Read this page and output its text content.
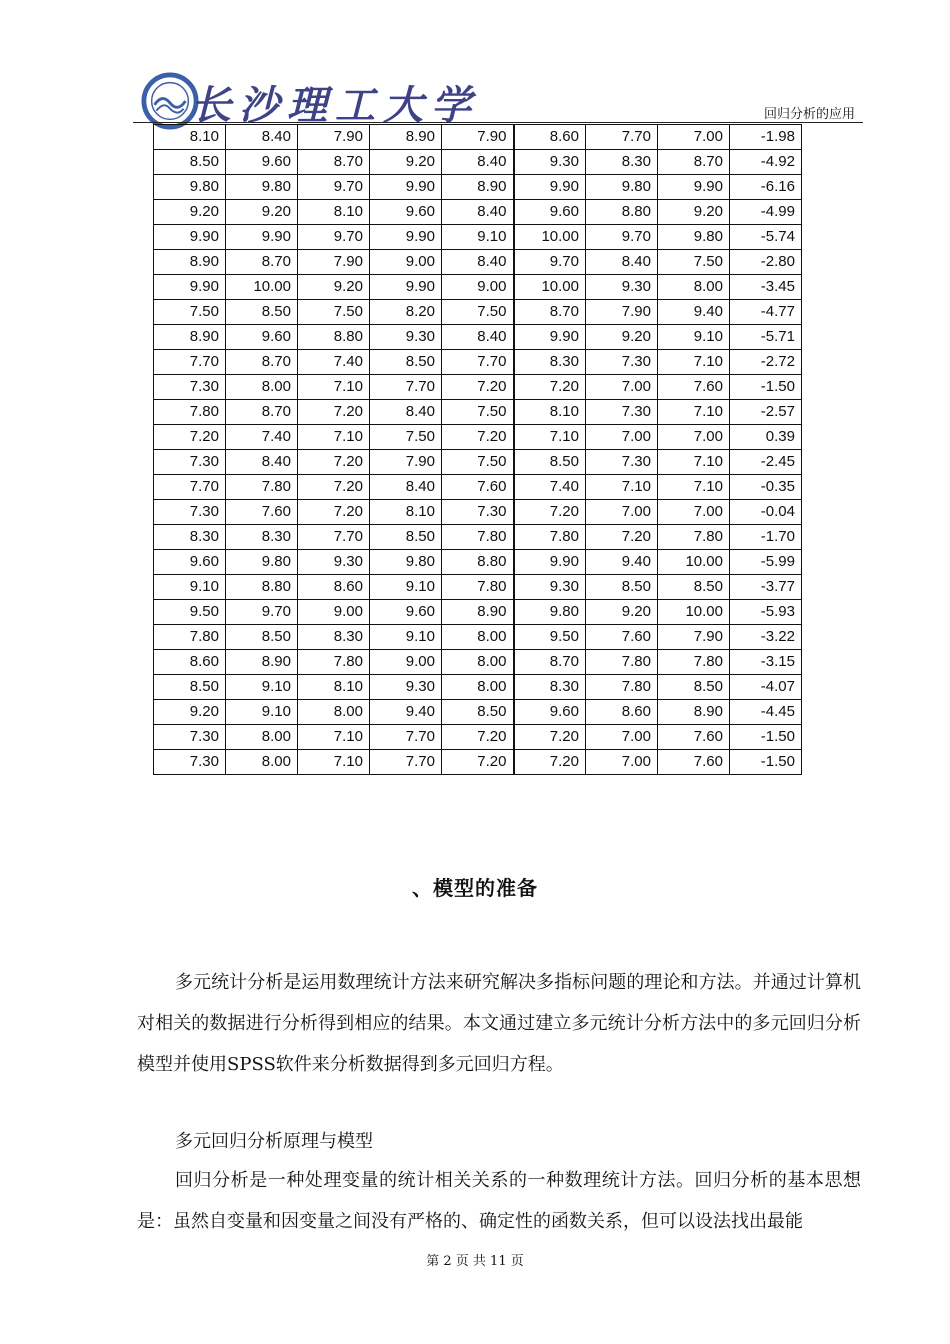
长沙理工大学	回归分析的应用
8.10	8.40	7.90	8.90	7.90	8.60	7.70	7.00	-1.98
8.50	9.60	8.70	9.20	8.40	9.30	8.30	8.70	-4.92
9.80	9.80	9.70	9.90	8.90	9.90	9.80	9.90	-6.16
9.20	9.20	8.10	9.60	8.40	9.60	8.80	9.20	-4.99
9.90	9.90	9.70	9.90	9.10	10.00	9.70	9.80	-5.74
8.90	8.70	7.90	9.00	8.40	9.70	8.40	7.50	-2.80
9.90	10.00	9.20	9.90	9.00	10.00	9.30	8.00	-3.45
7.50	8.50	7.50	8.20	7.50	8.70	7.90	9.40	-4.77
8.90	9.60	8.80	9.30	8.40	9.90	9.20	9.10	-5.71
7.70	8.70	7.40	8.50	7.70	8.30	7.30	7.10	-2.72
7.30	8.00	7.10	7.70	7.20	7.20	7.00	7.60	-1.50
7.80	8.70	7.20	8.40	7.50	8.10	7.30	7.10	-2.57
7.20	7.40	7.10	7.50	7.20	7.10	7.00	7.00	0.39
7.30	8.40	7.20	7.90	7.50	8.50	7.30	7.10	-2.45
7.70	7.80	7.20	8.40	7.60	7.40	7.10	7.10	-0.35
7.30	7.60	7.20	8.10	7.30	7.20	7.00	7.00	-0.04
8.30	8.30	7.70	8.50	7.80	7.80	7.20	7.80	-1.70
9.60	9.80	9.30	9.80	8.80	9.90	9.40	10.00	-5.99
9.10	8.80	8.60	9.10	7.80	9.30	8.50	8.50	-3.77
9.50	9.70	9.00	9.60	8.90	9.80	9.20	10.00	-5.93
7.80	8.50	8.30	9.10	8.00	9.50	7.60	7.90	-3.22
8.60	8.90	7.80	9.00	8.00	8.70	7.80	7.80	-3.15
8.50	9.10	8.10	9.30	8.00	8.30	7.80	8.50	-4.07
9.20	9.10	8.00	9.40	8.50	9.60	8.60	8.90	-4.45
7.30	8.00	7.10	7.70	7.20	7.20	7.00	7.60	-1.50
7.30	8.00	7.10	7.70	7.20	7.20	7.00	7.60	-1.50
、模型的准备
多元统计分析是运用数理统计方法来研究解决多指标问题的理论和方法。并通过计算机对相关的数据进行分析得到相应的结果。本文通过建立多元统计分析方法中的多元回归分析模型并使用SPSS软件来分析数据得到多元回归方程。
多元回归分析原理与模型
回归分析是一种处理变量的统计相关关系的一种数理统计方法。回归分析的基本思想是：虽然自变量和因变量之间没有严格的、确定性的函数关系，但可以设法找出最能
第 2 页 共 11 页
